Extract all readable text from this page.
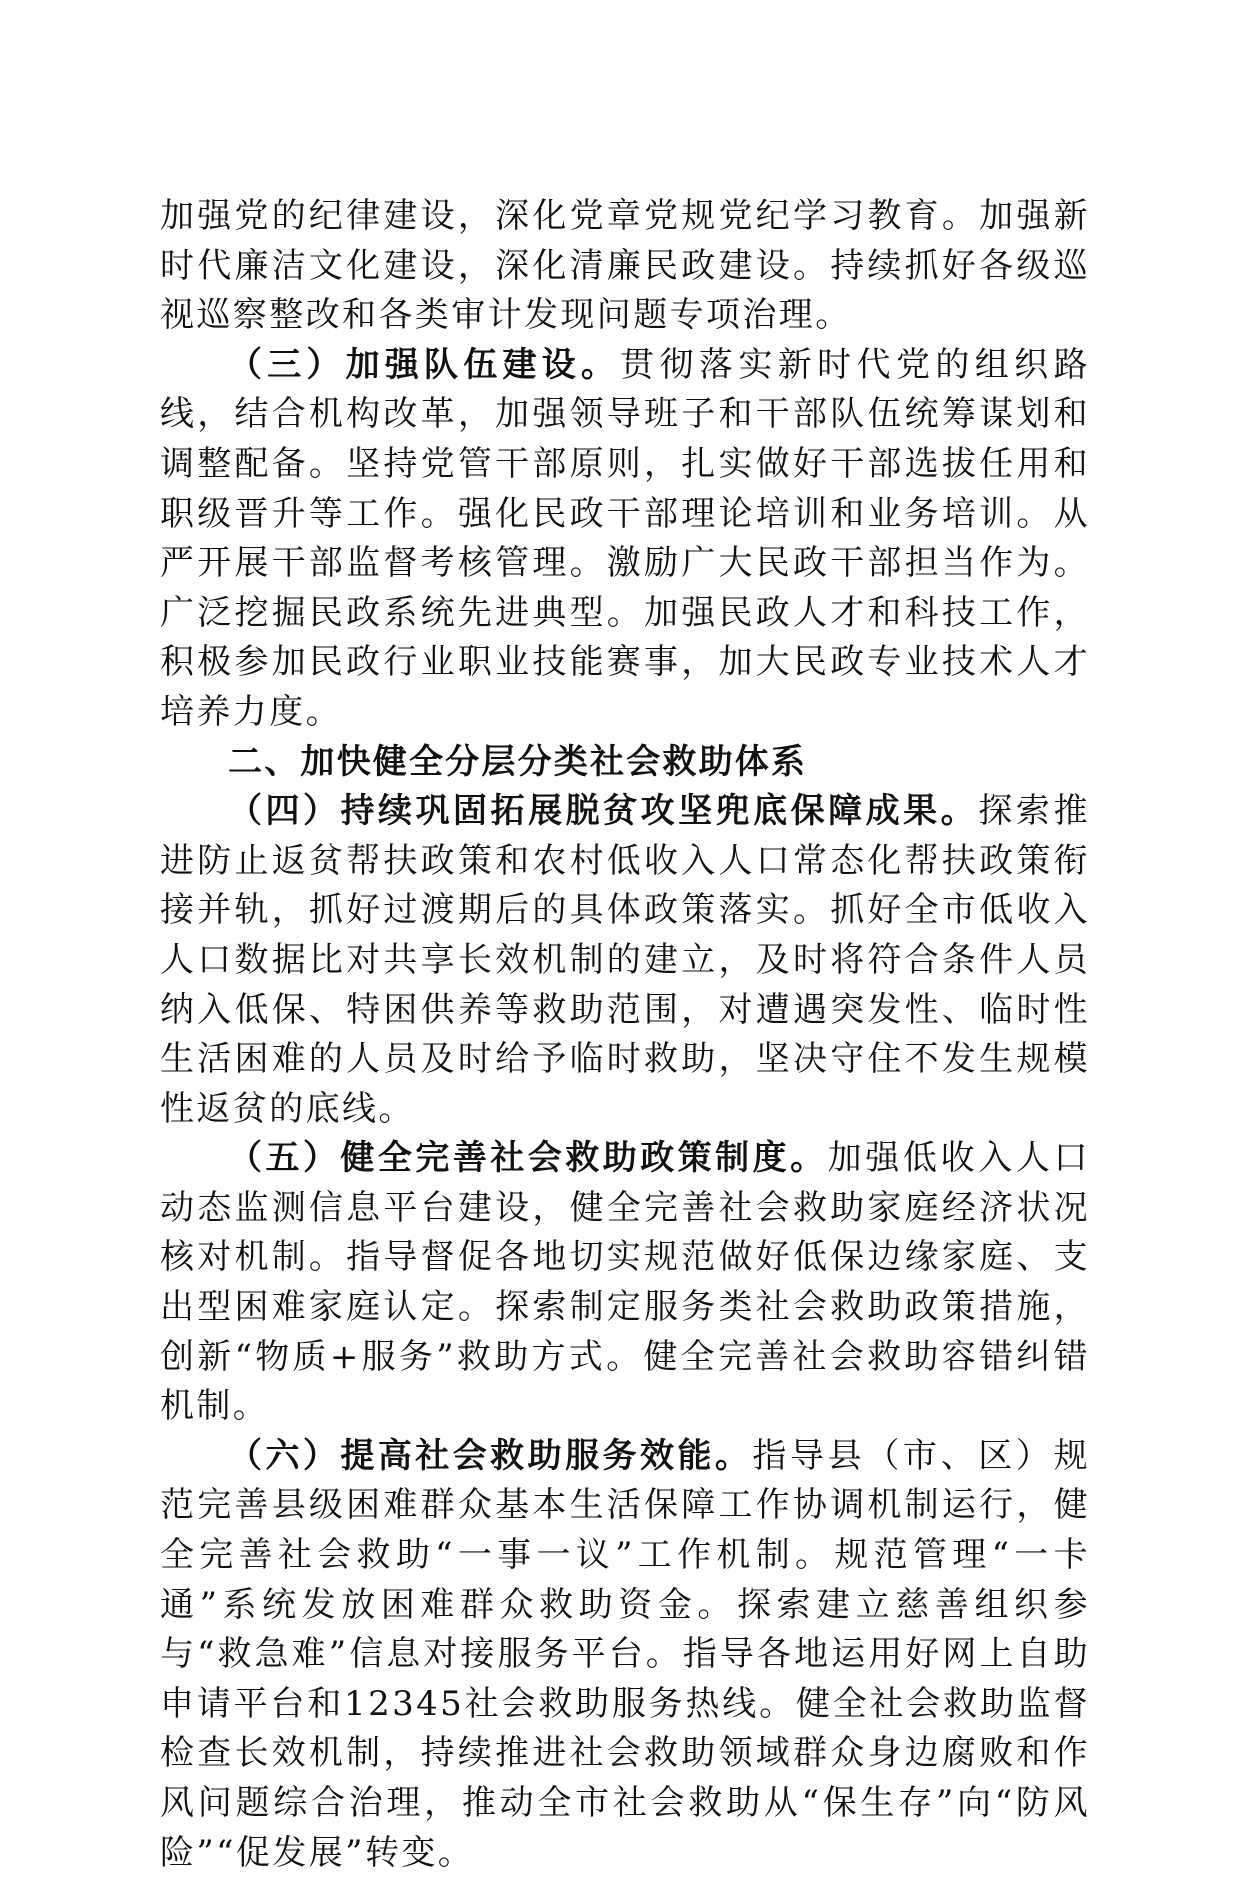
加强党的纪律建设，深化党章党规党纪学习教育。加强新时代廉洁文化建设，深化清廉民政建设。持续抓好各级巡视巡察整改和各类审计发现问题专项治理。

（三）加强队伍建设。贯彻落实新时代党的组织路线，结合机构改革，加强领导班子和干部队伍统筹谋划和调整配备。坚持党管干部原则，扎实做好干部选拔任用和职级晋升等工作。强化民政干部理论培训和业务培训。从严开展干部监督考核管理。激励广大民政干部担当作为。广泛挖掘民政系统先进典型。加强民政人才和科技工作，积极参加民政行业职业技能赛事，加大民政专业技术人才培养力度。

二、加快健全分层分类社会救助体系

（四）持续巩固拓展脱贫攻坚兜底保障成果。探索推进防止返贫帮扶政策和农村低收入人口常态化帮扶政策衔接并轨，抓好过渡期后的具体政策落实。抓好全市低收入人口数据比对共享长效机制的建立，及时将符合条件人员纳入低保、特困供养等救助范围，对遭遇突发性、临时性生活困难的人员及时给予临时救助，坚决守住不发生规模性返贫的底线。

（五）健全完善社会救助政策制度。加强低收入人口动态监测信息平台建设，健全完善社会救助家庭经济状况核对机制。指导督促各地切实规范做好低保边缘家庭、支出型困难家庭认定。探索制定服务类社会救助政策措施，创新“物质+服务”救助方式。健全完善社会救助容错纠错机制。

（六）提高社会救助服务效能。指导县（市、区）规范完善县级困难群众基本生活保障工作协调机制运行，健全完善社会救助“一事一议”工作机制。规范管理“一卡通”系统发放困难群众救助资金。探索建立慈善组织参与“救急难”信息对接服务平台。指导各地运用好网上自助申请平台和12345社会救助服务热线。健全社会救助监督检查长效机制，持续推进社会救助领域群众身边腐败和作风问题综合治理，推动全市社会救助从“保生存”向“防风险”“促发展”转变。
